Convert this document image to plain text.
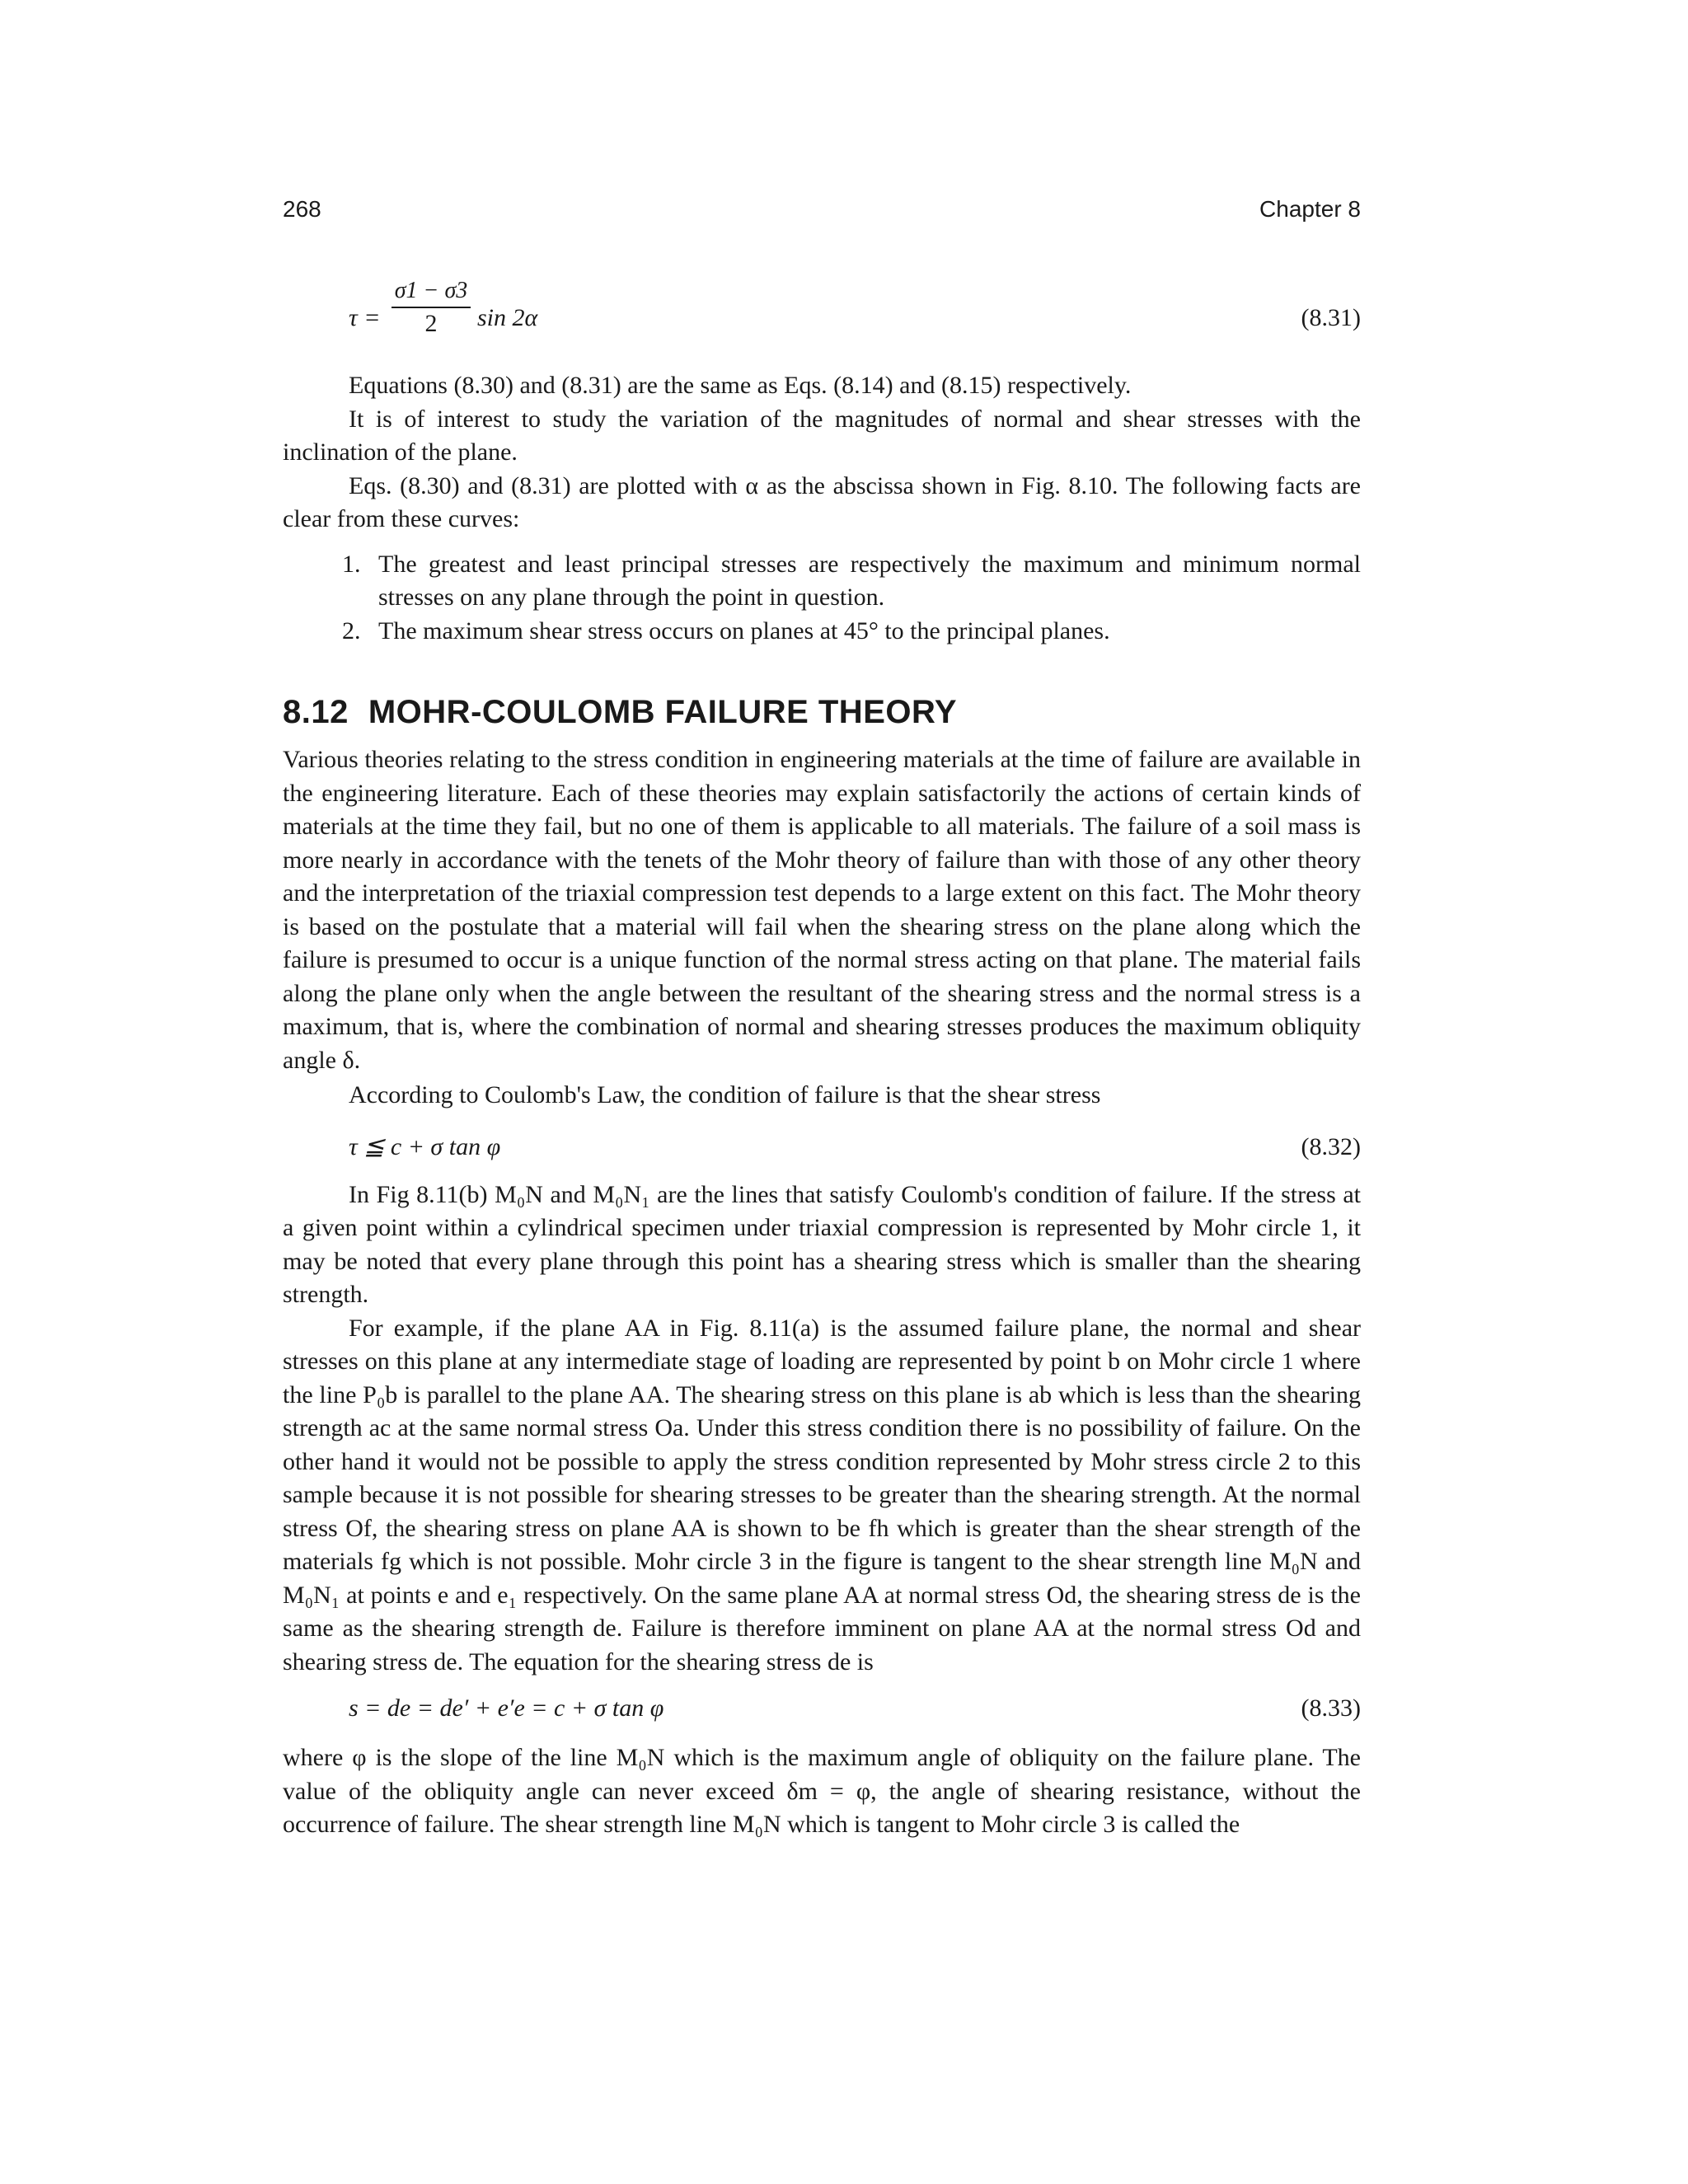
268	Chapter 8
τ =
σ1 − σ3
2	sin 2α	(8.31)

Equations (8.30) and (8.31) are the same as Eqs. (8.14) and (8.15) respectively.

It is of interest to study the variation of the magnitudes of normal and shear stresses with the inclination of the plane.

Eqs. (8.30) and (8.31) are plotted with α as the abscissa shown in Fig. 8.10. The following facts are clear from these curves:

1. The greatest and least principal stresses are respectively the maximum and minimum normal stresses on any plane through the point in question.
2. The maximum shear stress occurs on planes at 45° to the principal planes.
8.12 MOHR-COULOMB FAILURE THEORY

Various theories relating to the stress condition in engineering materials at the time of failure are available in the engineering literature. Each of these theories may explain satisfactorily the actions of certain kinds of materials at the time they fail, but no one of them is applicable to all materials. The failure of a soil mass is more nearly in accordance with the tenets of the Mohr theory of failure than with those of any other theory and the interpretation of the triaxial compression test depends to a large extent on this fact. The Mohr theory is based on the postulate that a material will fail when the shearing stress on the plane along which the failure is presumed to occur is a unique function of the normal stress acting on that plane. The material fails along the plane only when the angle between the resultant of the shearing stress and the normal stress is a maximum, that is, where the combination of normal and shearing stresses produces the maximum obliquity angle δ.

According to Coulomb's Law, the condition of failure is that the shear stress

τ ≦ c + σ tan φ	(8.32)

In Fig 8.11(b) M₀N and M₀N₁ are the lines that satisfy Coulomb's condition of failure. If the stress at a given point within a cylindrical specimen under triaxial compression is represented by Mohr circle 1, it may be noted that every plane through this point has a shearing stress which is smaller than the shearing strength.

For example, if the plane AA in Fig. 8.11(a) is the assumed failure plane, the normal and shear stresses on this plane at any intermediate stage of loading are represented by point b on Mohr circle 1 where the line P₀b is parallel to the plane AA. The shearing stress on this plane is ab which is less than the shearing strength ac at the same normal stress Oa. Under this stress condition there is no possibility of failure. On the other hand it would not be possible to apply the stress condition represented by Mohr stress circle 2 to this sample because it is not possible for shearing stresses to be greater than the shearing strength. At the normal stress Of, the shearing stress on plane AA is shown to be fh which is greater than the shear strength of the materials fg which is not possible. Mohr circle 3 in the figure is tangent to the shear strength line M₀N and M₀N₁ at points e and e₁ respectively. On the same plane AA at normal stress Od, the shearing stress de is the same as the shearing strength de. Failure is therefore imminent on plane AA at the normal stress Od and shearing stress de. The equation for the shearing stress de is

s = de = de′ + e′e = c + σ tan φ	(8.33)

where φ is the slope of the line M₀N which is the maximum angle of obliquity on the failure plane. The value of the obliquity angle can never exceed δm = φ, the angle of shearing resistance, without the occurrence of failure. The shear strength line M₀N which is tangent to Mohr circle 3 is called the
